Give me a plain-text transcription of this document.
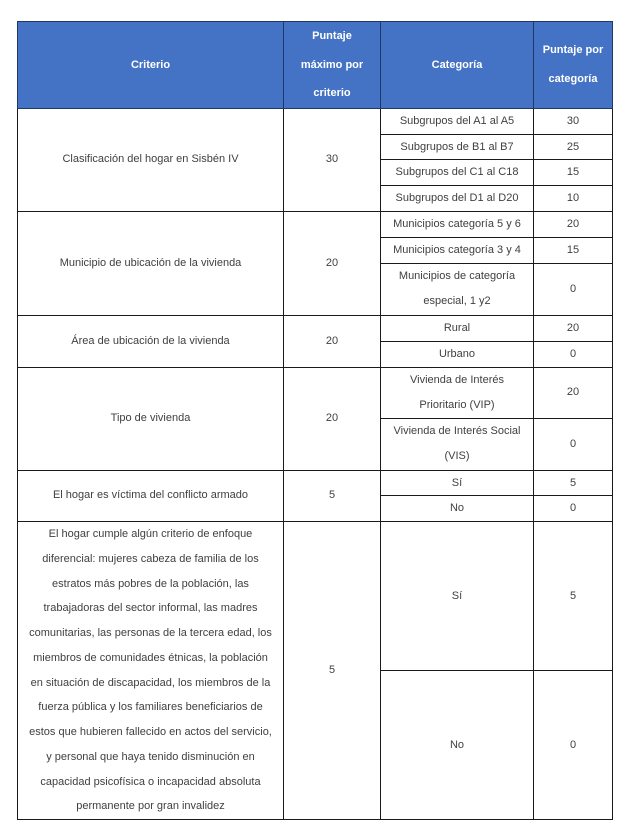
Criterio	Puntaje máximo por criterio	Categoría	Puntaje por categoría
Clasificación del hogar en Sisbén IV	30	Subgrupos del A1 al A5	30
		Subgrupos de B1 al B7	25
		Subgrupos del C1 al C18	15
		Subgrupos del D1 al D20	10
Municipio de ubicación de la vivienda	20	Municipios categoría 5 y 6	20
		Municipios categoría 3 y 4	15
		Municipios de categoría especial, 1 y2	0
Área de ubicación de la vivienda	20	Rural	20
		Urbano	0
Tipo de vivienda	20	Vivienda de Interés Prioritario (VIP)	20
		Vivienda de Interés Social (VIS)	0
El hogar es víctima del conflicto armado	5	Sí	5
		No	0
El hogar cumple algún criterio de enfoque diferencial: mujeres cabeza de familia de los estratos más pobres de la población, las trabajadoras del sector informal, las madres comunitarias, las personas de la tercera edad, los miembros de comunidades étnicas, la población en situación de discapacidad, los miembros de la fuerza pública y los familiares beneficiarios de estos que hubieren fallecido en actos del servicio, y personal que haya tenido disminución en capacidad psicofísica o incapacidad absoluta permanente por gran invalidez	5	Sí	5
		No	0
